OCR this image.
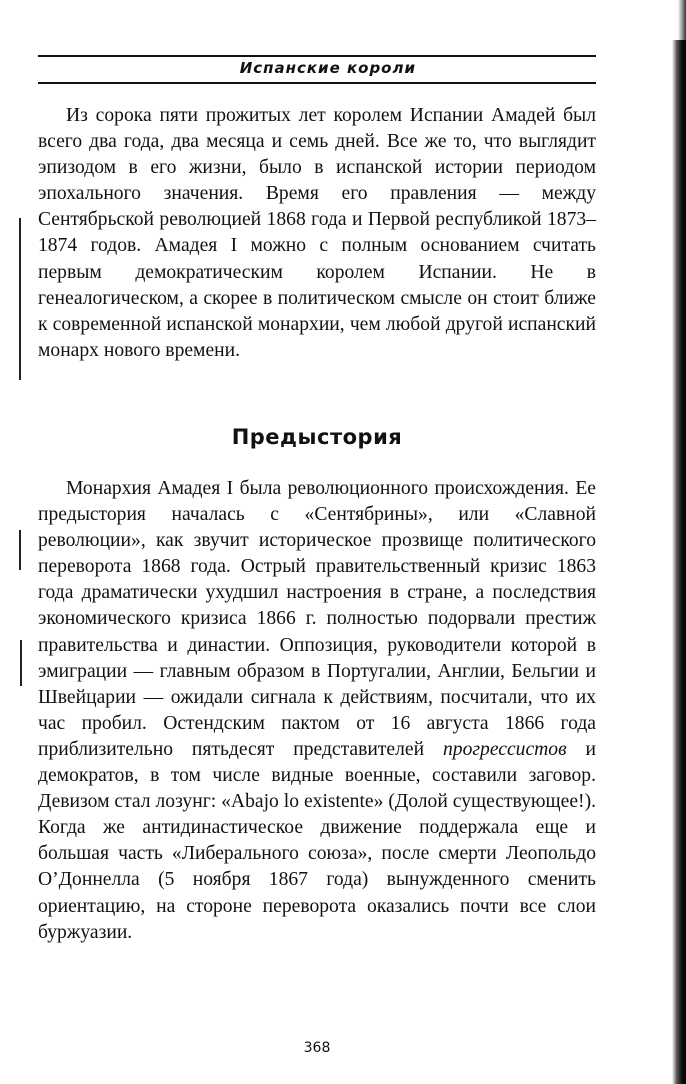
Испанские короли

Из сорока пяти прожитых лет королем Испании Амадей был всего два года, два месяца и семь дней. Все же то, что выглядит эпизодом в его жизни, было в испанской истории периодом эпохального значения. Время его правления — между Сентябрьской революцией 1868 года и Первой республикой 1873–1874 годов. Амадея I можно с полным основанием считать первым демократическим королем Испании. Не в генеалогическом, а скорее в политическом смысле он стоит ближе к современной испанской монархии, чем любой другой испанский монарх нового времени.

Предыстория

Монархия Амадея I была революционного происхождения. Ее предыстория началась с «Сентябрины», или «Славной революции», как звучит историческое прозвище политического переворота 1868 года. Острый правительственный кризис 1863 года драматически ухудшил настроения в стране, а последствия экономического кризиса 1866 г. полностью подорвали престиж правительства и династии. Оппозиция, руководители которой в эмиграции — главным образом в Португалии, Англии, Бельгии и Швейцарии — ожидали сигнала к действиям, посчитали, что их час пробил. Остендским пактом от 16 августа 1866 года приблизительно пятьдесят представителей прогрессистов и демократов, в том числе видные военные, составили заговор. Девизом стал лозунг: «Abajo lo existente» (Долой существующее!). Когда же антидинастическое движение поддержала еще и большая часть «Либерального союза», после смерти Леопольдо О’Доннелла (5 ноября 1867 года) вынужденного сменить ориентацию, на стороне переворота оказались почти все слои буржуазии.

368
